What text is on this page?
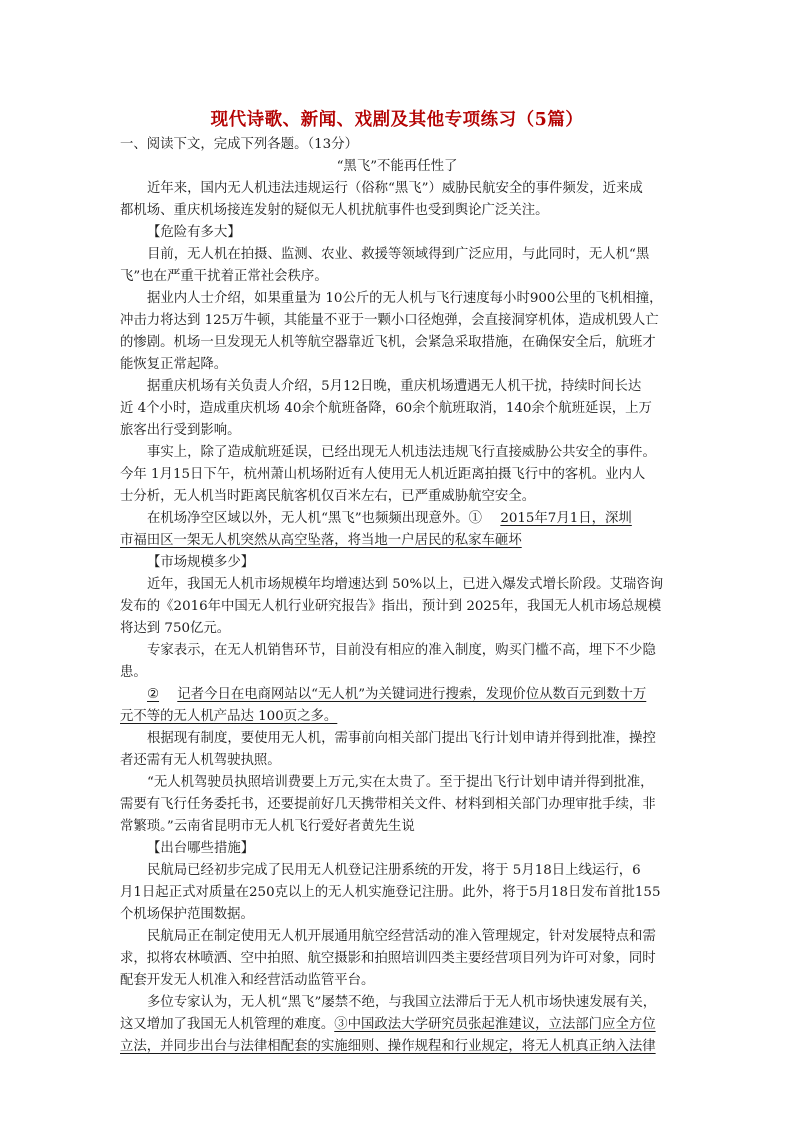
现代诗歌、新闻、戏剧及其他专项练习（5篇）
一、阅读下文，完成下列各题。（13分）
“黑飞”不能再任性了
近年来，国内无人机违法违规运行（俗称“黑飞”）威胁民航安全的事件频发，近来成
都机场、重庆机场接连发射的疑似无人机扰航事件也受到舆论广泛关注。
【危险有多大】
目前，无人机在拍摄、监测、农业、救援等领域得到广泛应用，与此同时，无人机“黑
飞”也在严重干扰着正常社会秩序。
据业内人士介绍，如果重量为 10公斤的无人机与飞行速度每小时900公里的飞机相撞，
冲击力将达到 125万牛顿，其能量不亚于一颗小口径炮弹，会直接洞穿机体，造成机毁人亡
的惨剧。机场一旦发现无人机等航空器靠近飞机，会紧急采取措施，在确保安全后，航班才
能恢复正常起降。
据重庆机场有关负责人介绍，5月12日晚，重庆机场遭遇无人机干扰，持续时间长达
近 4个小时，造成重庆机场 40余个航班备降，60余个航班取消，140余个航班延误，上万
旅客出行受到影响。
事实上，除了造成航班延误，已经出现无人机违法违规飞行直接威胁公共安全的事件。
今年 1月15日下午，杭州萧山机场附近有人使用无人机近距离拍摄飞行中的客机。业内人
士分析，无人机当时距离民航客机仅百米左右，已严重威胁航空安全。
在机场净空区域以外，无人机“黑飞”也频频出现意外。① 2015年7月1日，深圳
市福田区一架无人机突然从高空坠落，将当地一户居民的私家车砸坏
【市场规模多少】
近年，我国无人机市场规模年均增速达到 50%以上，已进入爆发式增长阶段。艾瑞咨询
发布的《2016年中国无人机行业研究报告》指出，预计到 2025年，我国无人机市场总规模
将达到 750亿元。
专家表示，在无人机销售环节，目前没有相应的准入制度，购买门槛不高，埋下不少隐
患。
② 记者今日在电商网站以“无人机”为关键词进行搜索，发现价位从数百元到数十万
元不等的无人机产品达 100页之多。
根据现有制度，要使用无人机，需事前向相关部门提出飞行计划申请并得到批准，操控
者还需有无人机驾驶执照。
“无人机驾驶员执照培训费要上万元,实在太贵了。至于提出飞行计划申请并得到批准，
需要有飞行任务委托书，还要提前好几天携带相关文件、材料到相关部门办理审批手续，非
常繁琐。”云南省昆明市无人机飞行爱好者黄先生说
【出台哪些措施】
民航局已经初步完成了民用无人机登记注册系统的开发，将于 5月18日上线运行，6
月1日起正式对质量在250克以上的无人机实施登记注册。此外，将于5月18日发布首批155
个机场保护范围数据。
民航局正在制定使用无人机开展通用航空经营活动的准入管理规定，针对发展特点和需
求，拟将农林喷洒、空中拍照、航空摄影和拍照培训四类主要经营项目列为许可对象，同时
配套开发无人机准入和经营活动监管平台。
多位专家认为，无人机“黑飞”屡禁不绝，与我国立法滞后于无人机市场快速发展有关，
这又增加了我国无人机管理的难度。③中国政法大学研究员张起淮建议，立法部门应全方位
立法，并同步出台与法律相配套的实施细则、操作规程和行业规定，将无人机真正纳入法律
